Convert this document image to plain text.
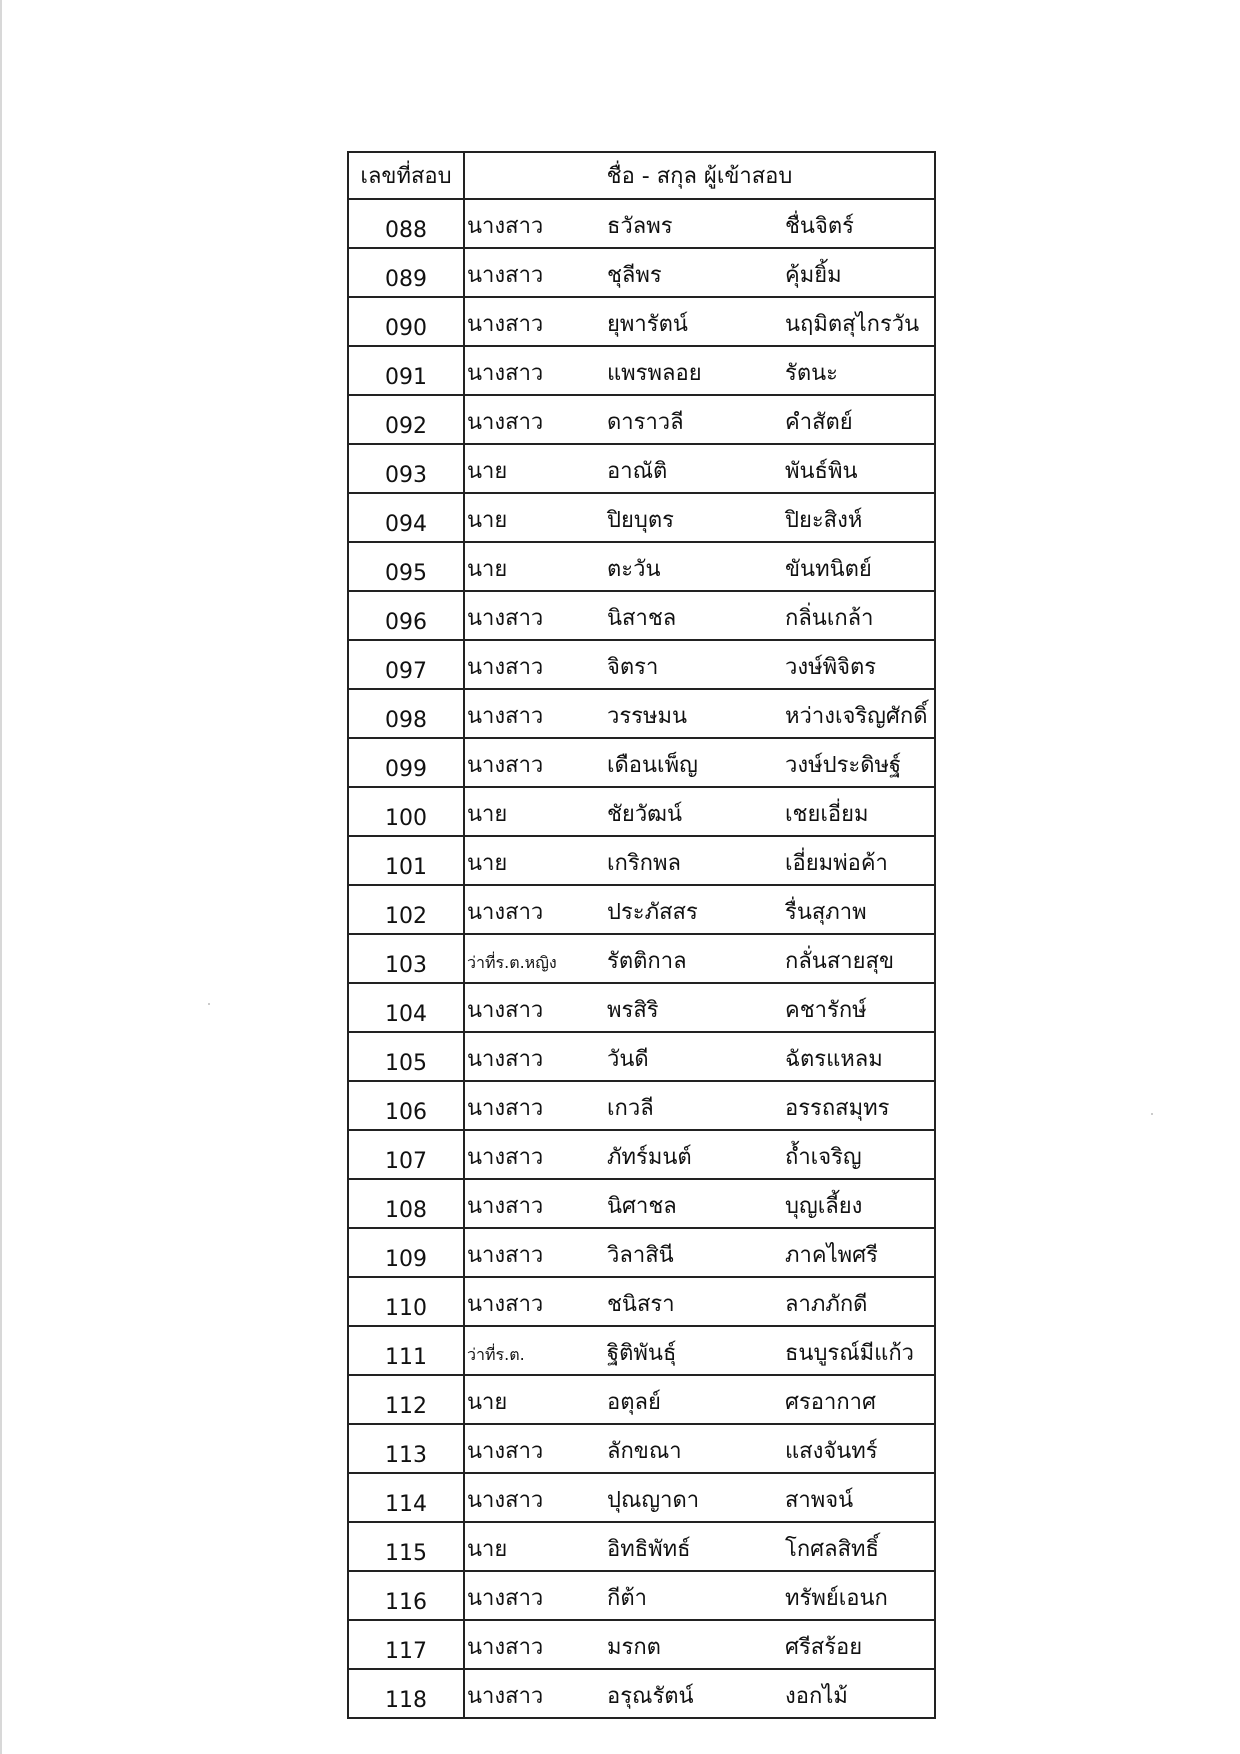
เลขที่สอบ	ชื่อ - สกุล ผู้เข้าสอบ
088	นางสาว ธวัลพร ชื่นจิตร์
089	นางสาว ชุลีพร คุ้มยิ้ม
090	นางสาว ยุพารัตน์ นฤมิตสุไกรวัน
091	นางสาว แพรพลอย รัตนะ
092	นางสาว ดาราวลี คำสัตย์
093	นาย อาณัติ พันธ์พิน
094	นาย ปิยบุตร ปิยะสิงห์
095	นาย ตะวัน ขันทนิตย์
096	นางสาว นิสาชล กลิ่นเกล้า
097	นางสาว จิตรา วงษ์พิจิตร
098	นางสาว วรรษมน หว่างเจริญศักดิ์
099	นางสาว เดือนเพ็ญ วงษ์ประดิษฐ์
100	นาย ชัยวัฒน์ เชยเอี่ยม
101	นาย เกริกพล เอี่ยมพ่อค้า
102	นางสาว ประภัสสร รื่นสุภาพ
103	ว่าที่ร.ต.หญิง รัตติกาล กลั่นสายสุข
104	นางสาว พรสิริ คชารักษ์
105	นางสาว วันดี ฉัตรแหลม
106	นางสาว เกวลี อรรถสมุทร
107	นางสาว ภัทร์มนต์ ถ้ำเจริญ
108	นางสาว นิศาชล บุญเลี้ยง
109	นางสาว วิลาสินี ภาคไพศรี
110	นางสาว ชนิสรา ลาภภักดี
111	ว่าที่ร.ต. ฐิติพันธุ์ ธนบูรณ์มีแก้ว
112	นาย อตุลย์ ศรอากาศ
113	นางสาว ลักขณา แสงจันทร์
114	นางสาว ปุณญาดา สาพจน์
115	นาย อิทธิพัทธ์ โกศลสิทธิ์
116	นางสาว กีต้า ทรัพย์เอนก
117	นางสาว มรกต ศรีสร้อย
118	นางสาว อรุณรัตน์ งอกไม้
